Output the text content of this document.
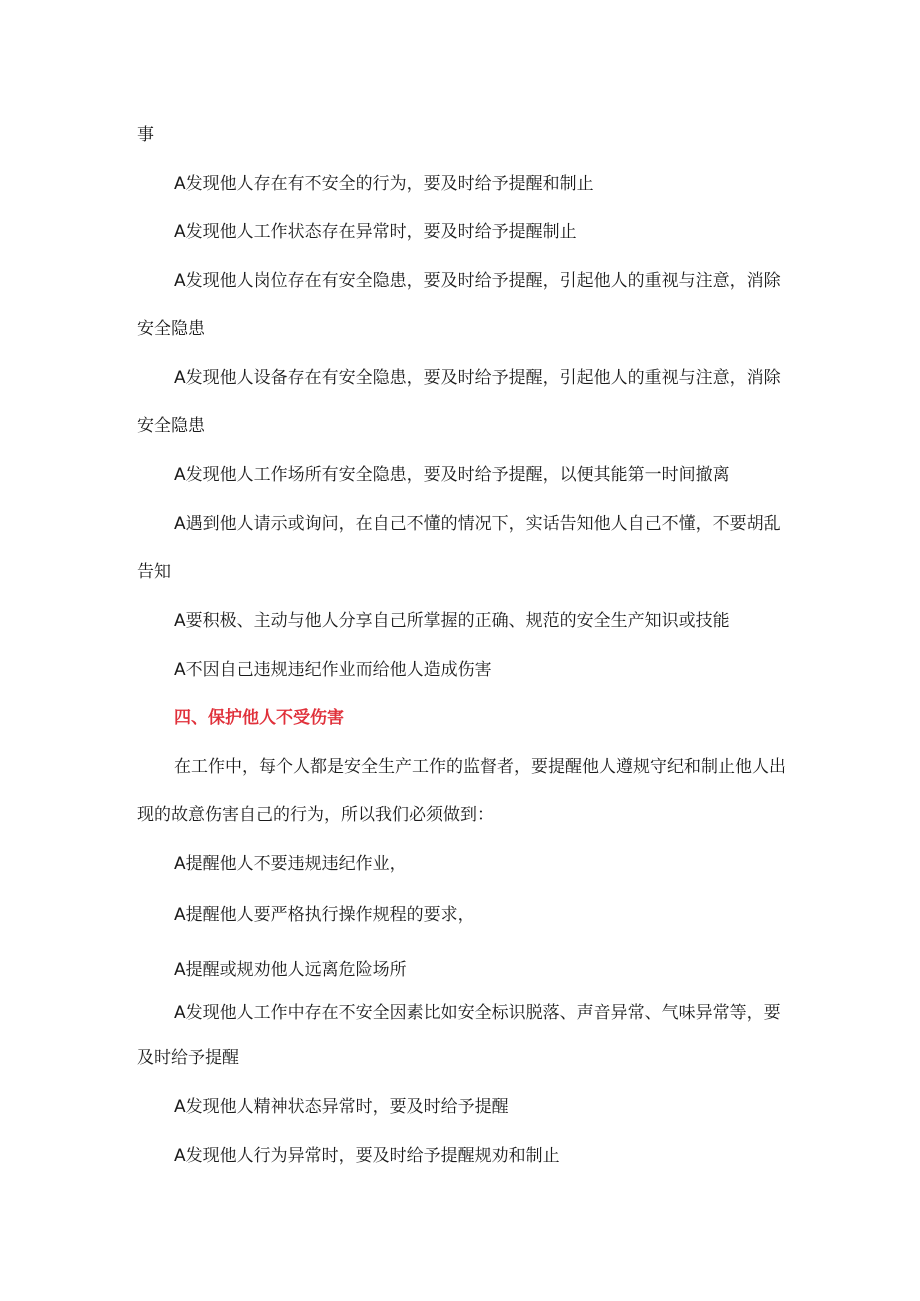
事

A发现他人存在有不安全的行为，要及时给予提醒和制止

A发现他人工作状态存在异常时，要及时给予提醒制止

A发现他人岗位存在有安全隐患，要及时给予提醒，引起他人的重视与注意，消除

安全隐患

A发现他人设备存在有安全隐患，要及时给予提醒，引起他人的重视与注意，消除

安全隐患

A发现他人工作场所有安全隐患，要及时给予提醒，以便其能第一时间撤离

A遇到他人请示或询问，在自己不懂的情况下，实话告知他人自己不懂，不要胡乱

告知

A要积极、主动与他人分享自己所掌握的正确、规范的安全生产知识或技能

A不因自己违规违纪作业而给他人造成伤害

四、保护他人不受伤害

在工作中，每个人都是安全生产工作的监督者，要提醒他人遵规守纪和制止他人出

现的故意伤害自己的行为，所以我们必须做到：

A提醒他人不要违规违纪作业，

A提醒他人要严格执行操作规程的要求，

A提醒或规劝他人远离危险场所

A发现他人工作中存在不安全因素比如安全标识脱落、声音异常、气味异常等，要

及时给予提醒

A发现他人精神状态异常时，要及时给予提醒

A发现他人行为异常时，要及时给予提醒规劝和制止
